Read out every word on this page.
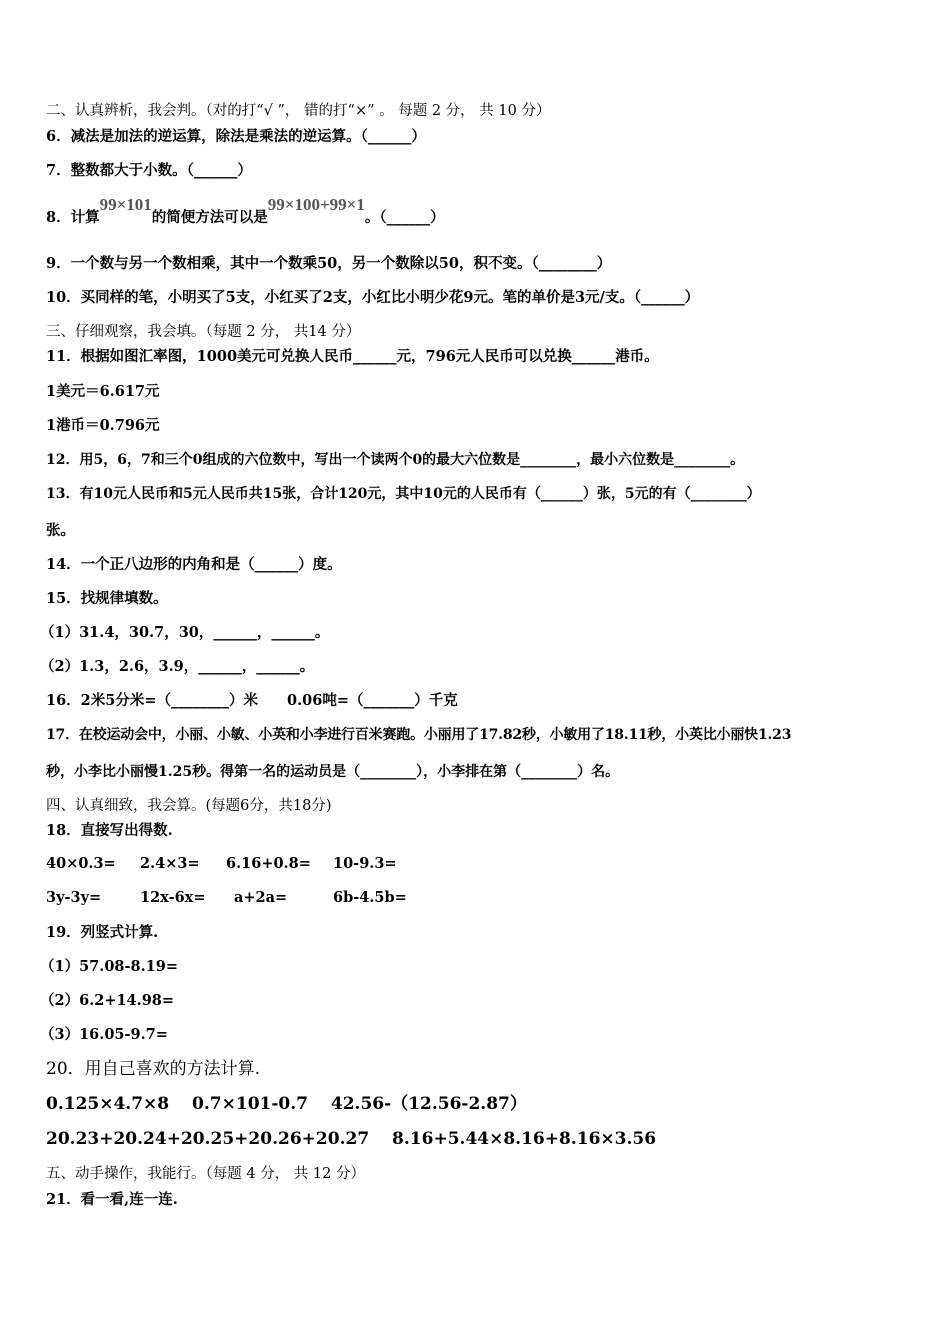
二、认真辨析，我会判。（对的打“√ ”， 错的打“×” 。 每题 2 分， 共 10 分）
6．减法是加法的逆运算，除法是乘法的逆运算。（______）
7．整数都大于小数。（______）
8．计算99×101的简便方法可以是99×100+99×1。（______）
9．一个数与另一个数相乘，其中一个数乘50，另一个数除以50，积不变。（________）
10．买同样的笔，小明买了5支，小红买了2支，小红比小明少花9元。笔的单价是3元/支。（______）
三、仔细观察，我会填。（每题 2 分， 共14 分）
11．根据如图汇率图，1000美元可兑换人民币______元，796元人民币可以兑换______港币。
1美元＝6.617元
1港币＝0.796元
12．用5，6，7和三个0组成的六位数中，写出一个读两个0的最大六位数是________，最小六位数是________。
13．有10元人民币和5元人民币共15张，合计120元，其中10元的人民币有（______）张，5元的有（________）
张。
14．一个正八边形的内角和是（______）度。
15．找规律填数。
（1）31.4，30.7，30，______，______。
（2）1.3，2.6，3.9，______，______。
16．2米5分米=（________）米　　0.06吨=（_______）千克
17．在校运动会中，小丽、小敏、小英和小李进行百米赛跑。小丽用了17.82秒，小敏用了18.11秒，小英比小丽快1.23
秒，小李比小丽慢1.25秒。得第一名的运动员是（________），小李排在第（________）名。
四、认真细致，我会算。(每题6分，共18分)
18．直接写出得数.
40×0.3= 2.4×3= 6.16+0.8= 10-9.3=
3y-3y=	12x-6x= a+2a=	6b-4.5b=
19．列竖式计算.
（1）57.08-8.19=
（2）6.2+14.98=
（3）16.05-9.7=
20．用自己喜欢的方法计算.
0.125×4.7×8　 0.7×101-0.7　 42.56-（12.56-2.87）
20.23+20.24+20.25+20.26+20.27　 8.16+5.44×8.16+8.16×3.56
五、动手操作，我能行。（每题 4 分， 共 12 分）
21．看一看,连一连.
